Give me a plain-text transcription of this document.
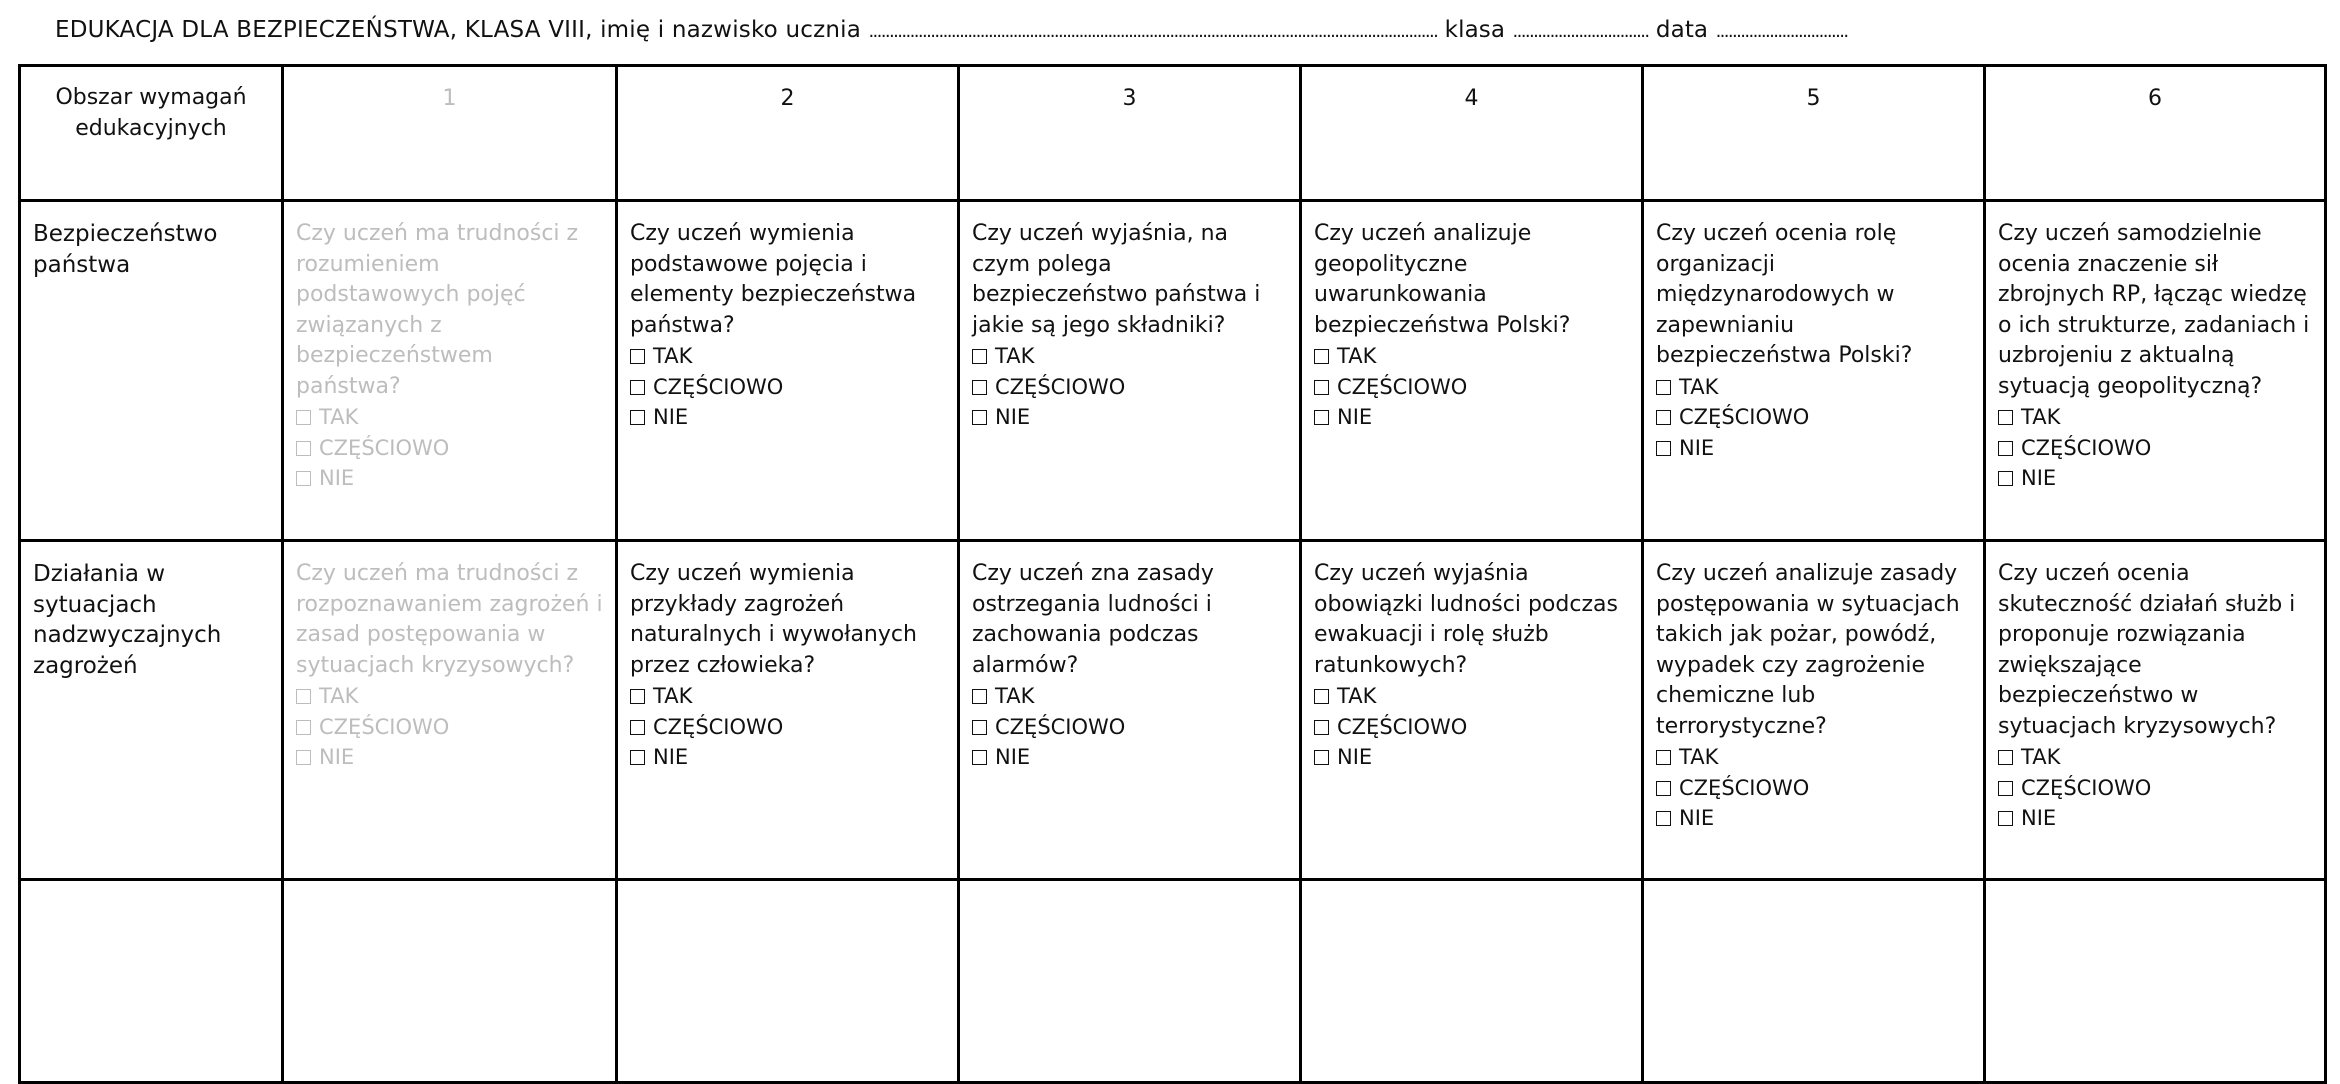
EDUKACJA DLA BEZPIECZEŃSTWA, KLASA VIII, imię i nazwisko ucznia .......................................................................................................................................... klasa ................................. data ................................
Obszar wymagań edukacyjnych	1	2	3	4	5	6

Bezpieczeństwo państwa	Czy uczeń ma trudności z rozumieniem podstawowych pojęć związanych z bezpieczeństwem państwa?
TAK
CZĘŚCIOWO
NIE	Czy uczeń wymienia podstawowe pojęcia i elementy bezpieczeństwa państwa?
TAK
CZĘŚCIOWO
NIE	Czy uczeń wyjaśnia, na czym polega bezpieczeństwo państwa i jakie są jego składniki?
TAK
CZĘŚCIOWO
NIE	Czy uczeń analizuje geopolityczne uwarunkowania bezpieczeństwa Polski?
TAK
CZĘŚCIOWO
NIE	Czy uczeń ocenia rolę organizacji międzynarodowych w zapewnianiu bezpieczeństwa Polski?
TAK
CZĘŚCIOWO
NIE	Czy uczeń samodzielnie ocenia znaczenie sił zbrojnych RP, łącząc wiedzę o ich strukturze, zadaniach i uzbrojeniu z aktualną sytuacją geopolityczną?
TAK
CZĘŚCIOWO
NIE

Działania w sytuacjach nadzwyczajnych zagrożeń	Czy uczeń ma trudności z rozpoznawaniem zagrożeń i zasad postępowania w sytuacjach kryzysowych?
TAK
CZĘŚCIOWO
NIE	Czy uczeń wymienia przykłady zagrożeń naturalnych i wywołanych przez człowieka?
TAK
CZĘŚCIOWO
NIE	Czy uczeń zna zasady ostrzegania ludności i zachowania podczas alarmów?
TAK
CZĘŚCIOWO
NIE	Czy uczeń wyjaśnia obowiązki ludności podczas ewakuacji i rolę służb ratunkowych?
TAK
CZĘŚCIOWO
NIE	Czy uczeń analizuje zasady postępowania w sytuacjach takich jak pożar, powódź, wypadek czy zagrożenie chemiczne lub terrorystyczne?
TAK
CZĘŚCIOWO
NIE	Czy uczeń ocenia skuteczność działań służb i proponuje rozwiązania zwiększające bezpieczeństwo w sytuacjach kryzysowych?
TAK
CZĘŚCIOWO
NIE
